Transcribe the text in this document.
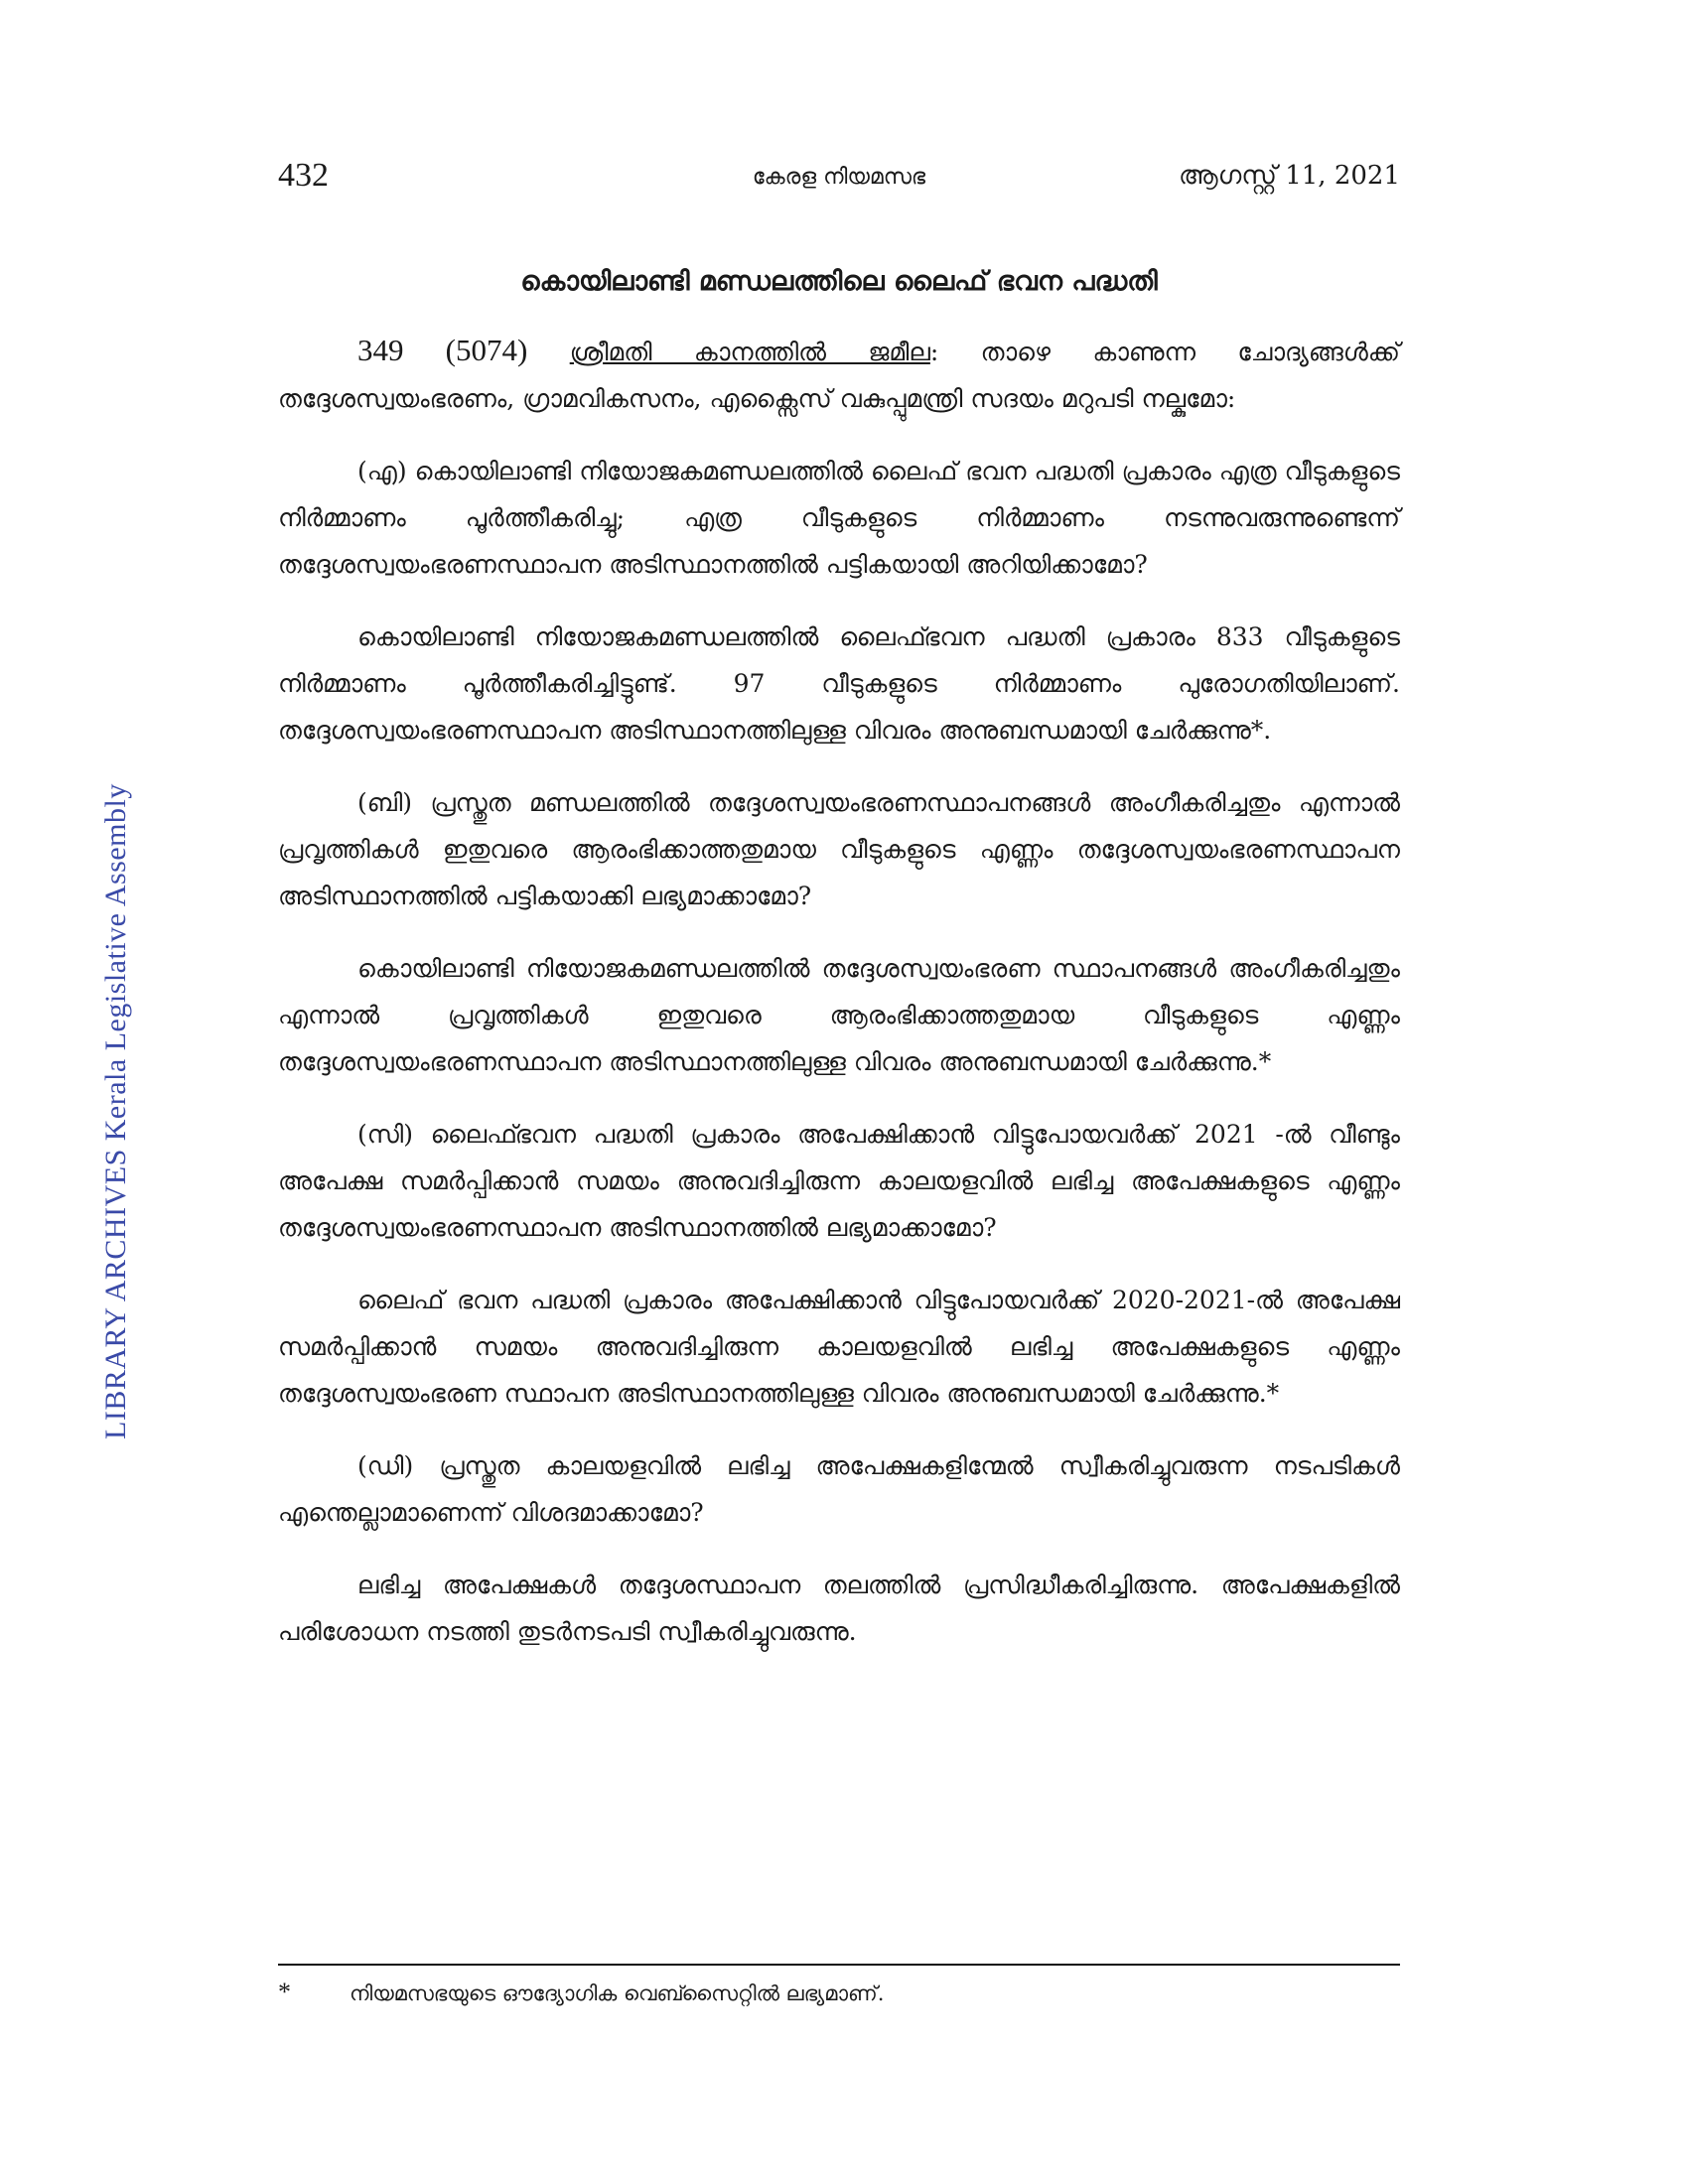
LIBRARY ARCHIVES Kerala Legislative Assembly
432	കേരള നിയമസഭ	ആഗസ്റ്റ് 11, 2021
കൊയിലാണ്ടി മണ്ഡലത്തിലെ ലൈഫ് ഭവന പദ്ധതി

349 (5074) ശ്രീമതി കാനത്തിൽ ജമീല: താഴെ കാണുന്ന ചോദ്യങ്ങൾക്ക് തദ്ദേശസ്വയംഭരണം, ഗ്രാമവികസനം, എക്സൈസ് വകുപ്പുമന്ത്രി സദയം മറുപടി നല്കുമോ:

(എ) കൊയിലാണ്ടി നിയോജകമണ്ഡലത്തിൽ ലൈഫ് ഭവന പദ്ധതി പ്രകാരം എത്ര വീടുകളുടെ നിർമ്മാണം പൂർത്തീകരിച്ചു; എത്ര വീടുകളുടെ നിർമ്മാണം നടന്നുവരുന്നുണ്ടെന്ന് തദ്ദേശസ്വയംഭരണസ്ഥാപന അടിസ്ഥാനത്തിൽ പട്ടികയായി അറിയിക്കാമോ?

കൊയിലാണ്ടി നിയോജകമണ്ഡലത്തിൽ ലൈഫ്ഭവന പദ്ധതി പ്രകാരം 833 വീടുകളുടെ നിർമ്മാണം പൂർത്തീകരിച്ചിട്ടുണ്ട്. 97 വീടുകളുടെ നിർമ്മാണം പുരോഗതിയിലാണ്. തദ്ദേശസ്വയംഭരണസ്ഥാപന അടിസ്ഥാനത്തിലുള്ള വിവരം അനുബന്ധമായി ചേർക്കുന്നു*.

(ബി) പ്രസ്തുത മണ്ഡലത്തിൽ തദ്ദേശസ്വയംഭരണസ്ഥാപനങ്ങൾ അംഗീകരിച്ചതും എന്നാൽ പ്രവൃത്തികൾ ഇതുവരെ ആരംഭിക്കാത്തതുമായ വീടുകളുടെ എണ്ണം തദ്ദേശസ്വയംഭരണസ്ഥാപന അടിസ്ഥാനത്തിൽ പട്ടികയാക്കി ലഭ്യമാക്കാമോ?

കൊയിലാണ്ടി നിയോജകമണ്ഡലത്തിൽ തദ്ദേശസ്വയംഭരണ സ്ഥാപനങ്ങൾ അംഗീകരിച്ചതും എന്നാൽ പ്രവൃത്തികൾ ഇതുവരെ ആരംഭിക്കാത്തതുമായ വീടുകളുടെ എണ്ണം തദ്ദേശസ്വയംഭരണസ്ഥാപന അടിസ്ഥാനത്തിലുള്ള വിവരം അനുബന്ധമായി ചേർക്കുന്നു.*

(സി) ലൈഫ്ഭവന പദ്ധതി പ്രകാരം അപേക്ഷിക്കാൻ വിട്ടുപോയവർക്ക് 2021 -ൽ വീണ്ടും അപേക്ഷ സമർപ്പിക്കാൻ സമയം അനുവദിച്ചിരുന്ന കാലയളവിൽ ലഭിച്ച അപേക്ഷകളുടെ എണ്ണം തദ്ദേശസ്വയംഭരണസ്ഥാപന അടിസ്ഥാനത്തിൽ ലഭ്യമാക്കാമോ?

ലൈഫ് ഭവന പദ്ധതി പ്രകാരം അപേക്ഷിക്കാൻ വിട്ടുപോയവർക്ക് 2020-2021-ൽ അപേക്ഷ സമർപ്പിക്കാൻ സമയം അനുവദിച്ചിരുന്ന കാലയളവിൽ ലഭിച്ച അപേക്ഷകളുടെ എണ്ണം തദ്ദേശസ്വയംഭരണ സ്ഥാപന അടിസ്ഥാനത്തിലുള്ള വിവരം അനുബന്ധമായി ചേർക്കുന്നു.*

(ഡി) പ്രസ്തുത കാലയളവിൽ ലഭിച്ച അപേക്ഷകളിന്മേൽ സ്വീകരിച്ചുവരുന്ന നടപടികൾ എന്തെല്ലാമാണെന്ന് വിശദമാക്കാമോ?

ലഭിച്ച അപേക്ഷകൾ തദ്ദേശസ്ഥാപന തലത്തിൽ പ്രസിദ്ധീകരിച്ചിരുന്നു. അപേക്ഷകളിൽ പരിശോധന നടത്തി തുടർനടപടി സ്വീകരിച്ചുവരുന്നു.

*	നിയമസഭയുടെ ഔദ്യോഗിക വെബ്സൈറ്റിൽ ലഭ്യമാണ്.
